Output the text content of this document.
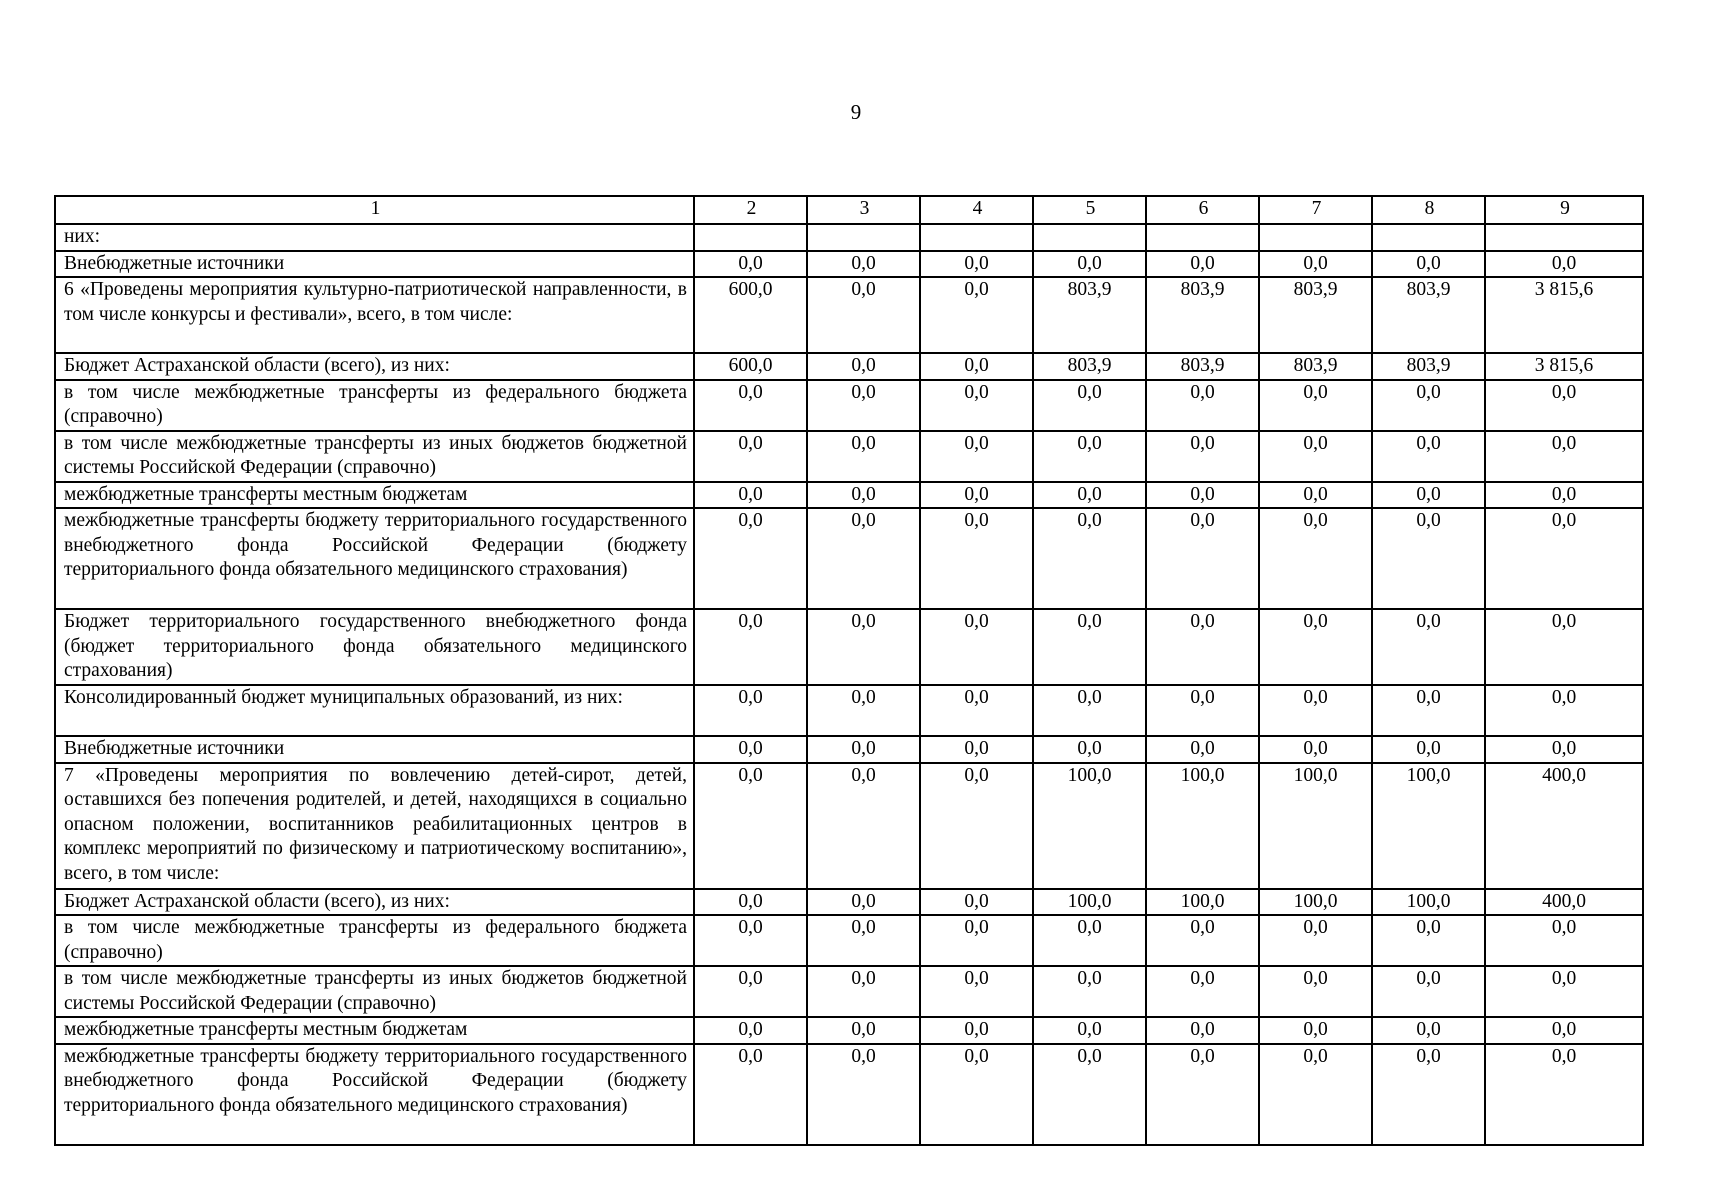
9
1	2	3	4	5	6	7	8	9
них:								
Внебюджетные источники	0,0	0,0	0,0	0,0	0,0	0,0	0,0	0,0
6 «Проведены мероприятия культурно-патриотической направленности, в том числе конкурсы и фестивали», всего, в том числе:	600,0	0,0	0,0	803,9	803,9	803,9	803,9	3 815,6
Бюджет Астраханской области (всего), из них:	600,0	0,0	0,0	803,9	803,9	803,9	803,9	3 815,6
в том числе межбюджетные трансферты из федерального бюджета (справочно)	0,0	0,0	0,0	0,0	0,0	0,0	0,0	0,0
в том числе межбюджетные трансферты из иных бюджетов бюджетной системы Российской Федерации (справочно)	0,0	0,0	0,0	0,0	0,0	0,0	0,0	0,0
межбюджетные трансферты местным бюджетам	0,0	0,0	0,0	0,0	0,0	0,0	0,0	0,0
межбюджетные трансферты бюджету территориального государственного внебюджетного фонда Российской Федерации (бюджету территориального фонда обязательного медицинского страхования)	0,0	0,0	0,0	0,0	0,0	0,0	0,0	0,0
Бюджет территориального государственного внебюджетного фонда (бюджет территориального фонда обязательного медицинского страхования)	0,0	0,0	0,0	0,0	0,0	0,0	0,0	0,0
Консолидированный бюджет муниципальных образований, из них:	0,0	0,0	0,0	0,0	0,0	0,0	0,0	0,0
Внебюджетные источники	0,0	0,0	0,0	0,0	0,0	0,0	0,0	0,0
7 «Проведены мероприятия по вовлечению детей-сирот, детей, оставшихся без попечения родителей, и детей, находящихся в социально опасном положении, воспитанников реабилитационных центров в комплекс мероприятий по физическому и патриотическому воспитанию», всего, в том числе:	0,0	0,0	0,0	100,0	100,0	100,0	100,0	400,0
Бюджет Астраханской области (всего), из них:	0,0	0,0	0,0	100,0	100,0	100,0	100,0	400,0
в том числе межбюджетные трансферты из федерального бюджета (справочно)	0,0	0,0	0,0	0,0	0,0	0,0	0,0	0,0
в том числе межбюджетные трансферты из иных бюджетов бюджетной системы Российской Федерации (справочно)	0,0	0,0	0,0	0,0	0,0	0,0	0,0	0,0
межбюджетные трансферты местным бюджетам	0,0	0,0	0,0	0,0	0,0	0,0	0,0	0,0
межбюджетные трансферты бюджету территориального государственного внебюджетного фонда Российской Федерации (бюджету территориального фонда обязательного медицинского страхования)	0,0	0,0	0,0	0,0	0,0	0,0	0,0	0,0
